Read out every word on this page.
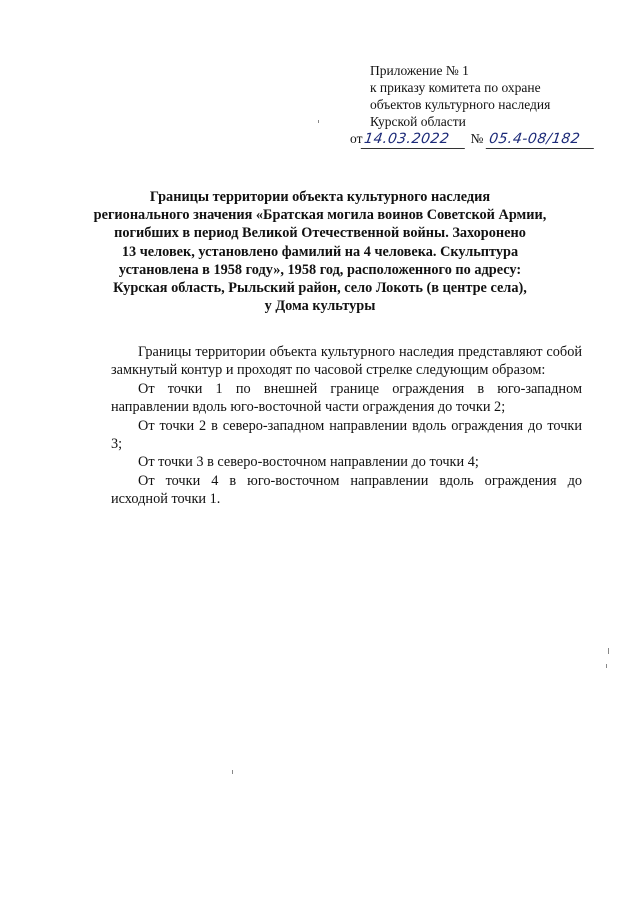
Приложение № 1
к приказу комитета по охране
объектов культурного наследия
Курской области
от14.03.2022 № 05.4-08/182
Границы территории объекта культурного наследия
регионального значения «Братская могила воинов Советской Армии,
погибших в период Великой Отечественной войны. Захоронено
13 человек, установлено фамилий на 4 человека. Скульптура
установлена в 1958 году», 1958 год, расположенного по адресу:
Курская область, Рыльский район, село Локоть (в центре села),
у Дома культуры

Границы территории объекта культурного наследия представляют собой замкнутый контур и проходят по часовой стрелке следующим образом:

От точки 1 по внешней границе ограждения в юго-западном направлении вдоль юго-восточной части ограждения до точки 2;

От точки 2 в северо-западном направлении вдоль ограждения до точки 3;

От точки 3 в северо-восточном направлении до точки 4;

От точки 4 в юго-восточном направлении вдоль ограждения до исходной точки 1.
